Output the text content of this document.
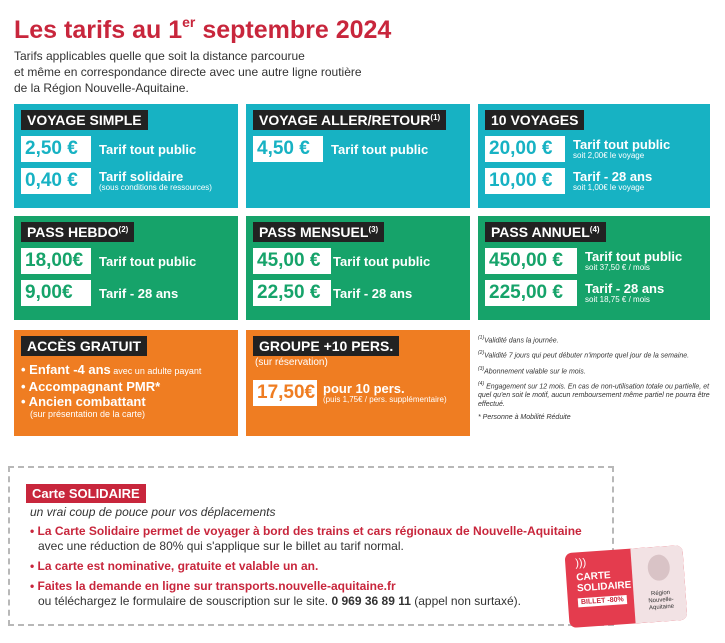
Les tarifs au 1er septembre 2024
Tarifs applicables quelle que soit la distance parcourue
et même en correspondance directe avec une autre ligne routière
de la Région Nouvelle-Aquitaine.
VOYAGE SIMPLE
2,50 €	Tarif tout public
0,40 €	Tarif solidaire
(sous conditions de ressources)
VOYAGE ALLER/RETOUR$^{(1)}$
4,50 €	Tarif tout public
10 VOYAGES
20,00 €	Tarif tout public
soit 2,00€ le voyage
10,00 €	Tarif - 28 ans
soit 1,00€ le voyage
PASS HEBDO$^{(2)}$
18,00€	Tarif tout public
9,00€	Tarif - 28 ans
PASS MENSUEL$^{(3)}$
45,00 € Tarif tout public
22,50 € Tarif - 28 ans
PASS ANNUEL$^{(4)}$
450,00 €	Tarif tout public
soit 37,50 € / mois
225,00 €	Tarif - 28 ans
soit 18,75 € / mois
ACCÈS GRATUIT
• Enfant -4 ans avec un adulte payant
• Accompagnant PMR*
• Ancien combattant
(sur présentation de la carte)
GROUPE +10 PERS.
(sur réservation)
17,50€ pour 10 pers.
(puis 1,75€ / pers. supplémentaire)

$^{(1)}$Validité dans la journée.

$^{(2)}$Validité 7 jours qui peut débuter n'importe quel jour de la semaine.

$^{(3)}$Abonnement valable sur le mois.

$^{(4)}$ Engagement sur 12 mois. En cas de non-utilisation totale ou partielle, et quel qu'en soit le motif, aucun remboursement même partiel ne pourra être effectué.

* Personne à Mobilité Réduite

Carte SOLIDAIRE
un vrai coup de pouce pour vos déplacements
• La Carte Solidaire permet de voyager à bord des trains et cars régionaux de Nouvelle-Aquitaine
avec une réduction de 80% qui s'applique sur le billet au tarif normal.
• La carte est nominative, gratuite et valable un an.
• Faites la demande en ligne sur transports.nouvelle-aquitaine.fr
ou téléchargez le formulaire de souscription sur le site. 0 969 36 89 11 (appel non surtaxé).
)))
CARTE
SOLIDAIRE
BILLET -80%
Région Nouvelle-Aquitaine
